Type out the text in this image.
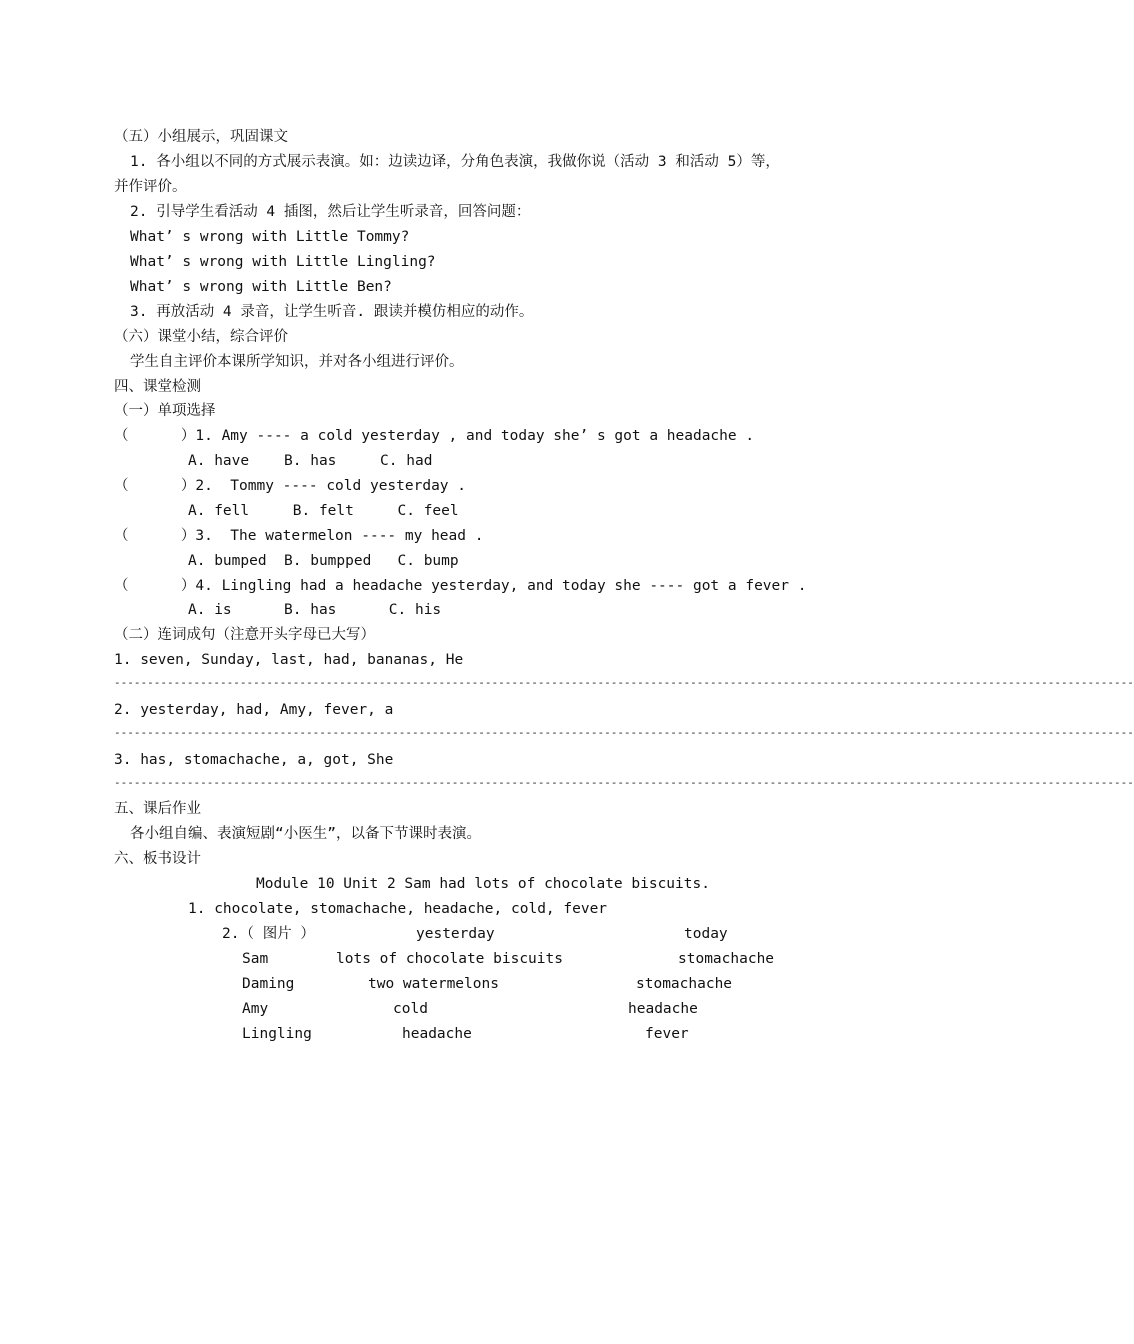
（五）小组展示，巩固课文
1. 各小组以不同的方式展示表演。如：边读边译，分角色表演，我做你说（活动 3 和活动 5）等，
并作评价。
2. 引导学生看活动 4 插图，然后让学生听录音，回答问题：
What’ s wrong with Little Tommy?
What’ s wrong with Little Lingling?
What’ s wrong with Little Ben?
3. 再放活动 4 录音，让学生听音. 跟读并模仿相应的动作。
（六）课堂小结，综合评价
学生自主评价本课所学知识，并对各小组进行评价。
四、课堂检测
（一）单项选择
（      ）1. Amy ---- a cold yesterday , and today she’ s got a headache .
A. have    B. has     C. had
（      ）2.  Tommy ---- cold yesterday .
A. fell     B. felt     C. feel
（      ）3.  The watermelon ---- my head .
A. bumped  B. bumpped   C. bump
（      ）4. Lingling had a headache yesterday, and today she ---- got a fever .
A. is      B. has      C. his
（二）连词成句（注意开头字母已大写）
1. seven, Sunday, last, had, bananas, He
----------------------------------------------------------------------------------------------------------------------------------------------------------
2. yesterday, had, Amy, fever, a
----------------------------------------------------------------------------------------------------------------------------------------------------------
3. has, stomachache, a, got, She
----------------------------------------------------------------------------------------------------------------------------------------------------------
五、课后作业
各小组自编、表演短剧“小医生”，以备下节课时表演。
六、板书设计
Module 10 Unit 2 Sam had lots of chocolate biscuits.
1. chocolate, stomachache, headache, cold, fever
2.（ 图片 ）	yesterday	today
Sam	lots of chocolate biscuits	stomachache
Daming	two watermelons	stomachache
Amy	cold	headache
Lingling	headache	fever
